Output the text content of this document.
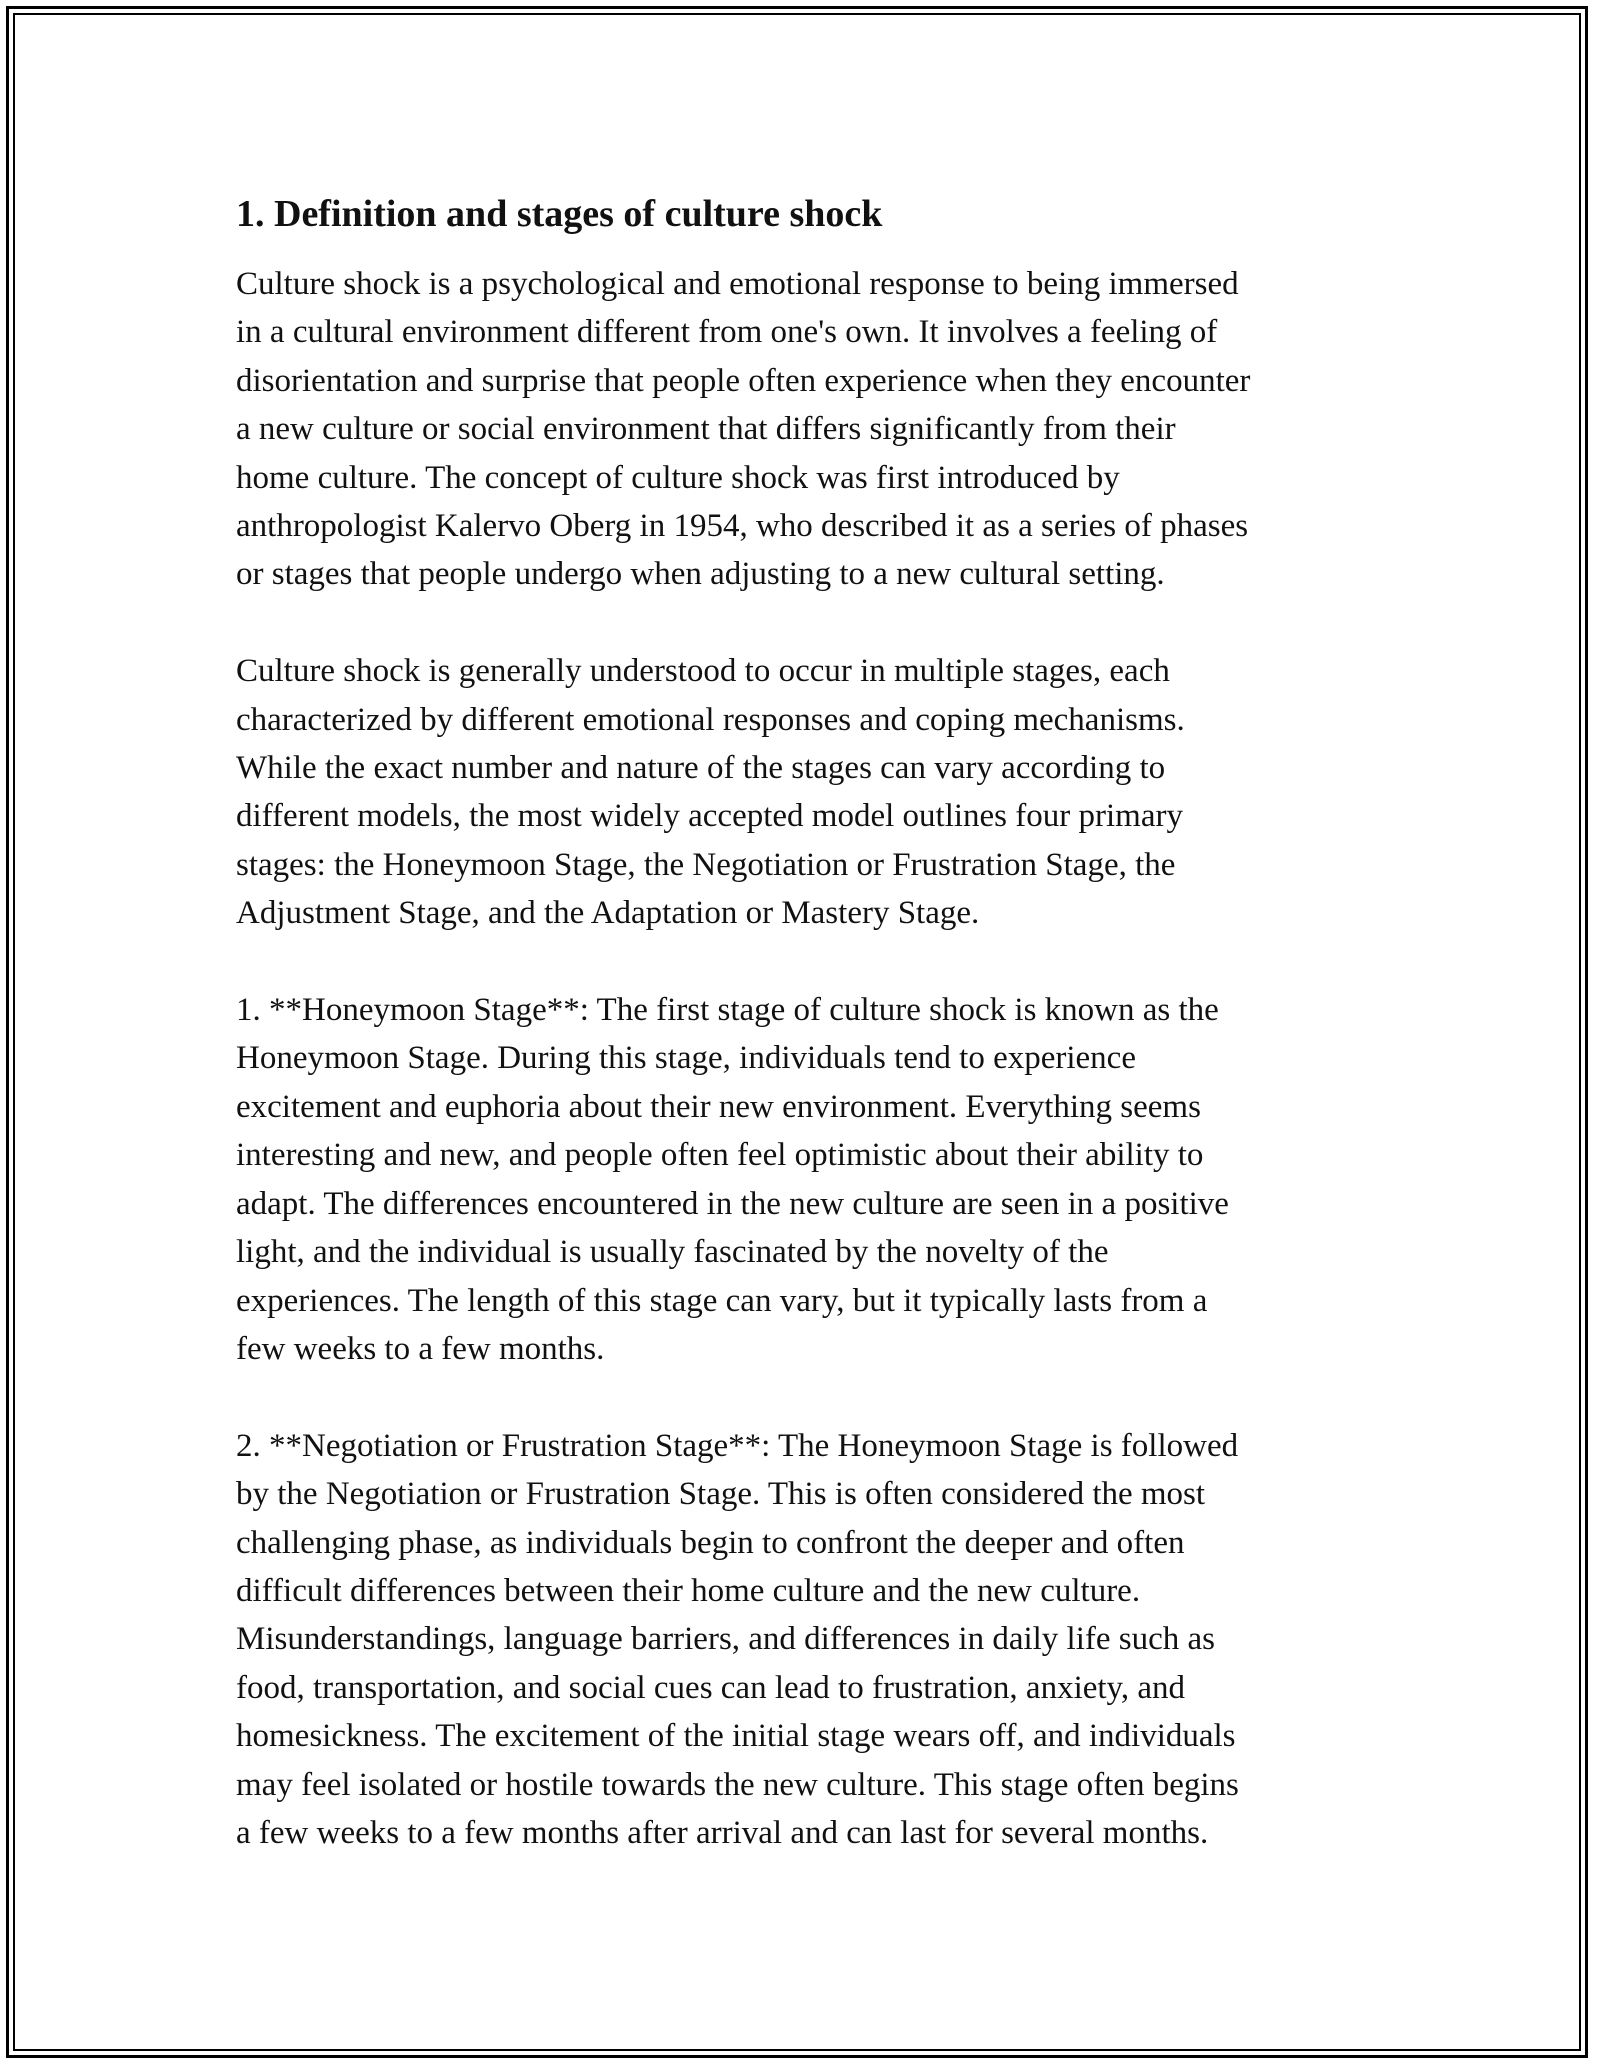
1. Definition and stages of culture shock

Culture shock is a psychological and emotional response to being immersed
in a cultural environment different from one's own. It involves a feeling of
disorientation and surprise that people often experience when they encounter
a new culture or social environment that differs significantly from their
home culture. The concept of culture shock was first introduced by
anthropologist Kalervo Oberg in 1954, who described it as a series of phases
or stages that people undergo when adjusting to a new cultural setting.

Culture shock is generally understood to occur in multiple stages, each
characterized by different emotional responses and coping mechanisms.
While the exact number and nature of the stages can vary according to
different models, the most widely accepted model outlines four primary
stages: the Honeymoon Stage, the Negotiation or Frustration Stage, the
Adjustment Stage, and the Adaptation or Mastery Stage.

1. **Honeymoon Stage**: The first stage of culture shock is known as the
Honeymoon Stage. During this stage, individuals tend to experience
excitement and euphoria about their new environment. Everything seems
interesting and new, and people often feel optimistic about their ability to
adapt. The differences encountered in the new culture are seen in a positive
light, and the individual is usually fascinated by the novelty of the
experiences. The length of this stage can vary, but it typically lasts from a
few weeks to a few months.

2. **Negotiation or Frustration Stage**: The Honeymoon Stage is followed
by the Negotiation or Frustration Stage. This is often considered the most
challenging phase, as individuals begin to confront the deeper and often
difficult differences between their home culture and the new culture.
Misunderstandings, language barriers, and differences in daily life such as
food, transportation, and social cues can lead to frustration, anxiety, and
homesickness. The excitement of the initial stage wears off, and individuals
may feel isolated or hostile towards the new culture. This stage often begins
a few weeks to a few months after arrival and can last for several months.
